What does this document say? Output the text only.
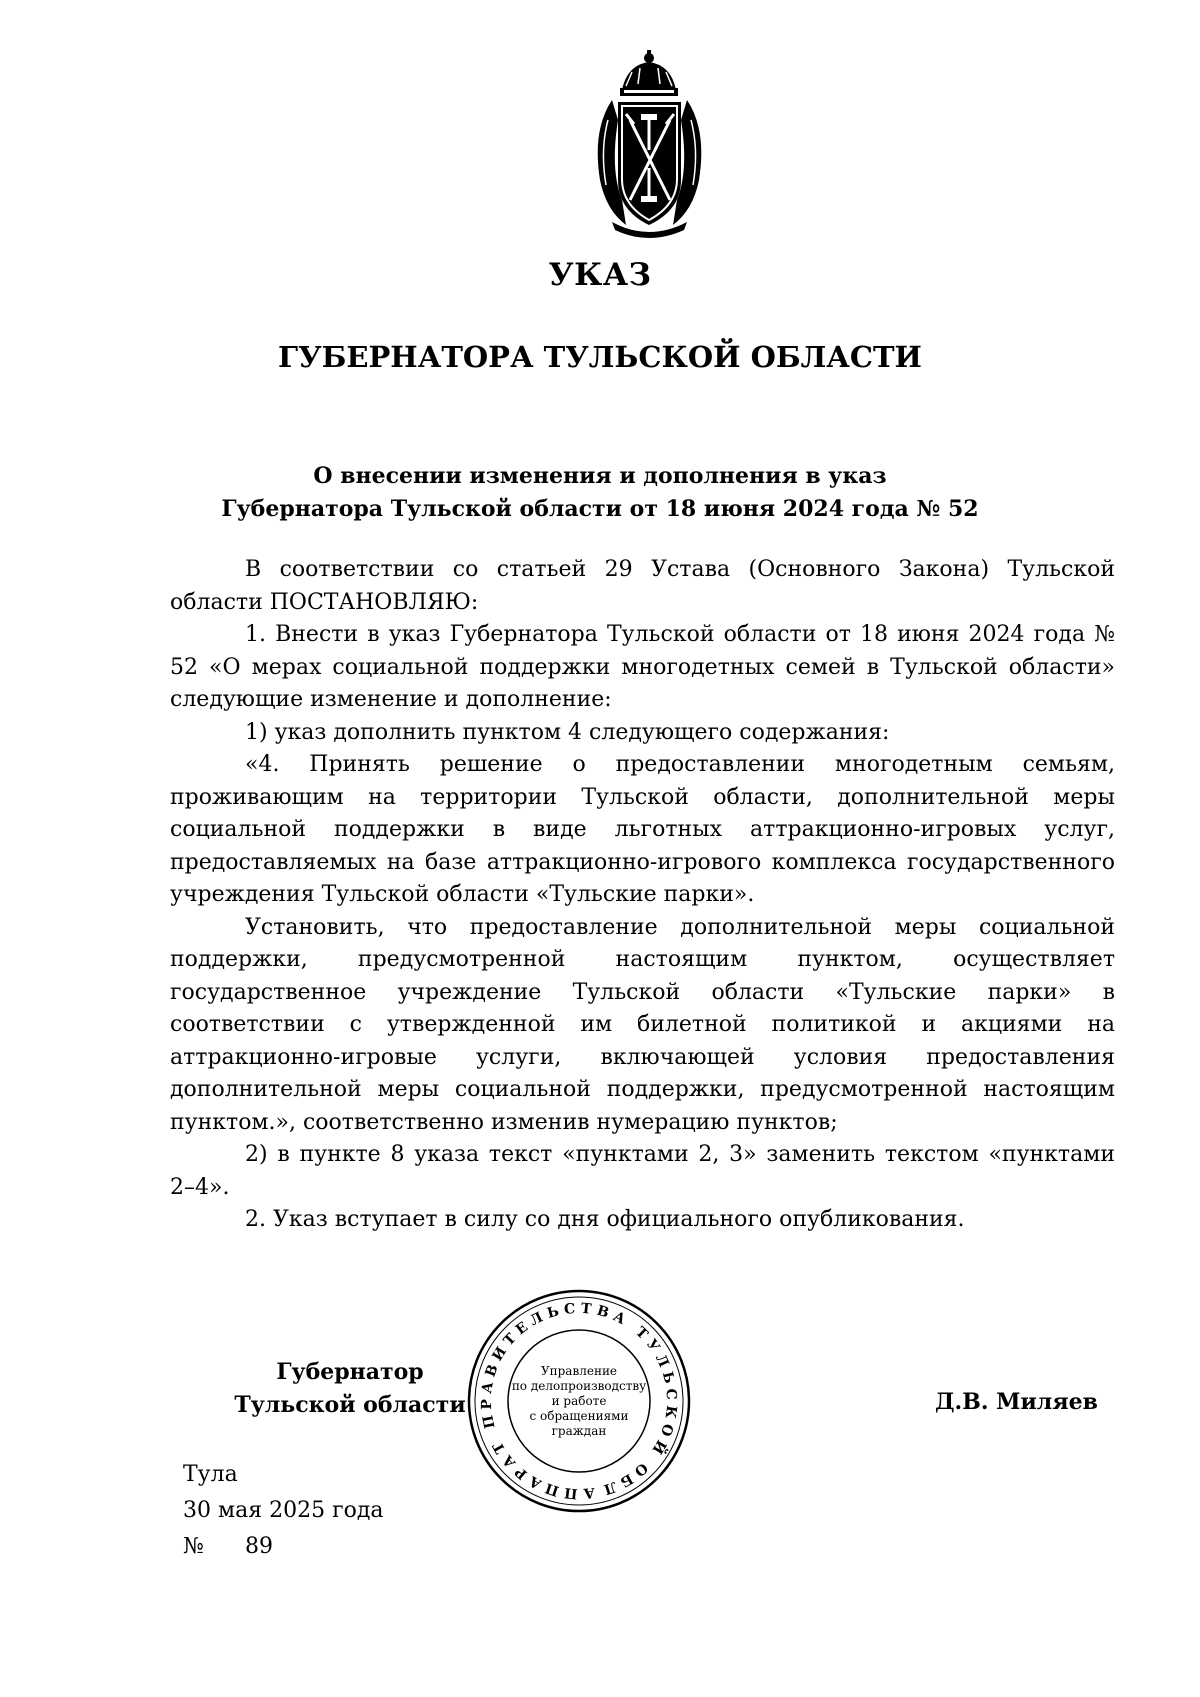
УКАЗ
ГУБЕРНАТОРА ТУЛЬСКОЙ ОБЛАСТИ
О внесении изменения и дополнения в указ
Губернатора Тульской области от 18 июня 2024 года № 52

В соответствии со статьей 29 Устава (Основного Закона) Тульской области ПОСТАНОВЛЯЮ:

1. Внести в указ Губернатора Тульской области от 18 июня 2024 года № 52 «О мерах социальной поддержки многодетных семей в Тульской области» следующие изменение и дополнение:

1) указ дополнить пунктом 4 следующего содержания:

«4. Принять решение о предоставлении многодетным семьям, проживающим на территории Тульской области, дополнительной меры социальной поддержки в виде льготных аттракционно-игровых услуг, предоставляемых на базе аттракционно-игрового комплекса государственного учреждения Тульской области «Тульские парки».

Установить, что предоставление дополнительной меры социальной поддержки, предусмотренной настоящим пунктом, осуществляет государственное учреждение Тульской области «Тульские парки» в соответствии с утвержденной им билетной политикой и акциями на аттракционно-игровые услуги, включающей условия предоставления дополнительной меры социальной поддержки, предусмотренной настоящим пунктом.», соответственно изменив нумерацию пунктов;

2) в пункте 8 указа текст «пунктами 2, 3» заменить текстом «пунктами 2–4».

2. Указ вступает в силу со дня официального опубликования.

Губернатор
Тульской области	Д.В. Миляев
АППАРАТ ПРАВИТЕЛЬСТВА ТУЛЬСКОЙ ОБЛАСТИ
Управление
по делопроизводству
и работе
с обращениями
граждан
Тула
30 мая 2025 года
№ 89
